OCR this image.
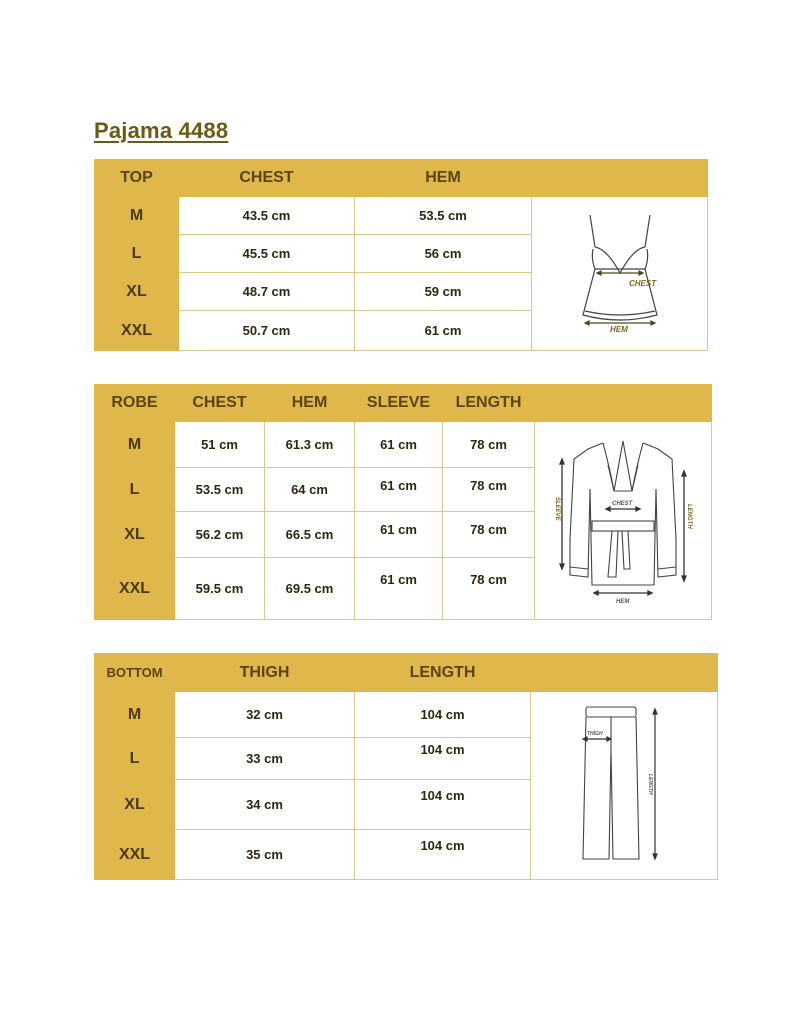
Pajama 4488
TOP	CHEST	HEM	
M	43.5 cm	53.5 cm	CHEST
HEM

L	45.5 cm	56 cm	
XL	48.7 cm	59 cm	
XXL	50.7 cm	61 cm	
ROBE	CHEST	HEM	SLEEVE	LENGTH	
M	51 cm	61.3 cm	61 cm	78 cm	CHEST
HEM
SLEEVE LENGTH

L	53.5 cm	64 cm	61 cm	78 cm	
XL	56.2 cm	66.5 cm	61 cm	78 cm	
XXL	59.5 cm	69.5 cm	61 cm	78 cm	
BOTTOM	THIGH	LENGTH	
M	32 cm	104 cm	THIGH
LENGTH

L	33 cm	104 cm	
XL	34 cm	104 cm	
XXL	35 cm	104 cm	
